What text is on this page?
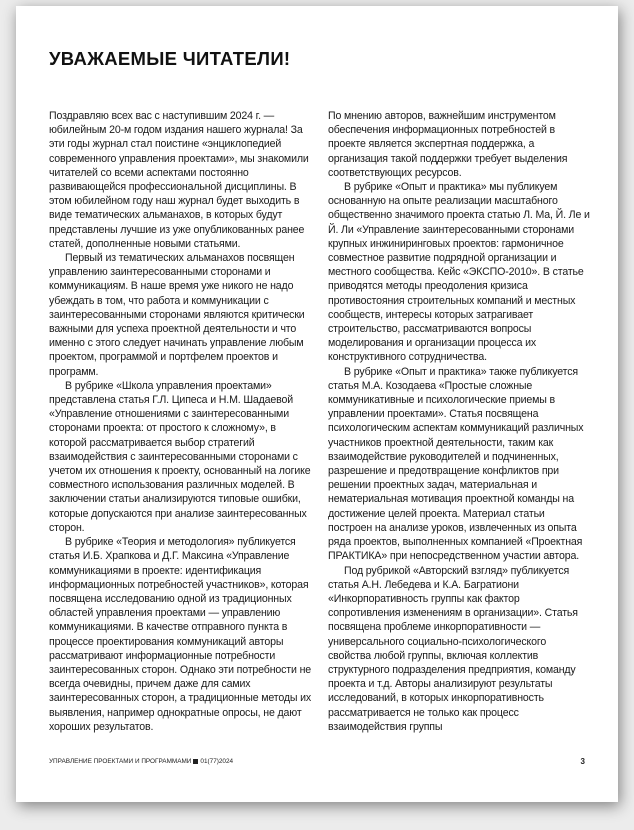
УВАЖАЕМЫЕ ЧИТАТЕЛИ!

Поздравляю всех вас с наступившим 2024 г. — юбилейным 20-м годом издания нашего журнала! За эти годы журнал стал поистине «энциклопедией современного управления проектами», мы знакомили читателей со всеми аспектами постоянно развивающейся профессиональной дисциплины. В этом юбилейном году наш журнал будет выходить в виде тематических альманахов, в которых будут представлены лучшие из уже опубликованных ранее статей, дополненные новыми статьями.

Первый из тематических альманахов посвящен управлению заинтересованными сторонами и коммуникациям. В наше время уже никого не надо убеждать в том, что работа и коммуникации с заинтересованными сторонами являются критически важными для успеха проектной деятельности и что именно с этого следует начинать управление любым проектом, программой и портфелем проектов и программ.

В рубрике «Школа управления проектами» представлена статья Г.Л. Ципеса и Н.М. Шадаевой «Управление отношениями с заинтересованными сторонами проекта: от простого к сложному», в которой рассматривается выбор стратегий взаимодействия с заинтересованными сторонами с учетом их отношения к проекту, основанный на логике совместного использования различных моделей. В заключении статьи анализируются типовые ошибки, которые допускаются при анализе заинтересованных сторон.

В рубрике «Теория и методология» публикуется статья И.Б. Храпкова и Д.Г. Максина «Управление коммуникациями в проекте: идентификация информационных потребностей участников», которая посвящена исследованию одной из традиционных областей управления проектами — управлению коммуникациями. В качестве отправного пункта в процессе проектирования коммуникаций авторы рассматривают информационные потребности заинтересованных сторон. Однако эти потребности не всегда очевидны, причем даже для самих заинтересованных сторон, а традиционные методы их выявления, например однократные опросы, не дают хороших результатов.

По мнению авторов, важнейшим инструментом обеспечения информационных потребностей в проекте является экспертная поддержка, а организация такой поддержки требует выделения соответствующих ресурсов.

В рубрике «Опыт и практика» мы публикуем основанную на опыте реализации масштабного общественно значимого проекта статью Л. Ма, Й. Ле и Й. Ли «Управление заинтересованными сторонами крупных инжиниринговых проектов: гармоничное совместное развитие подрядной организации и местного сообщества. Кейс «ЭКСПО-2010». В статье приводятся методы преодоления кризиса противостояния строительных компаний и местных сообществ, интересы которых затрагивает строительство, рассматриваются вопросы моделирования и организации процесса их конструктивного сотрудничества.

В рубрике «Опыт и практика» также публикуется статья М.А. Козодаева «Простые сложные коммуникативные и психологические приемы в управлении проектами». Статья посвящена психологическим аспектам коммуникаций различных участников проектной деятельности, таким как взаимодействие руководителей и подчиненных, разрешение и предотвращение конфликтов при решении проектных задач, материальная и нематериальная мотивация проектной команды на достижение целей проекта. Материал статьи построен на анализе уроков, извлеченных из опыта ряда проектов, выполненных компанией «Проектная ПРАКТИКА» при непосредственном участии автора.

Под рубрикой «Авторский взгляд» публикуется статья А.Н. Лебедева и К.А. Багратиони «Инкорпоративность группы как фактор сопротивления изменениям в организации». Статья посвящена проблеме инкорпоративности — универсального социально-психологического свойства любой группы, включая коллектив структурного подразделения предприятия, команду проекта и т.д. Авторы анализируют результаты исследований, в которых инкорпоративность рассматривается не только как процесс взаимодействия группы

УПРАВЛЕНИЕ ПРОЕКТАМИ И ПРОГРАММАМИ 01(77)2024	3
